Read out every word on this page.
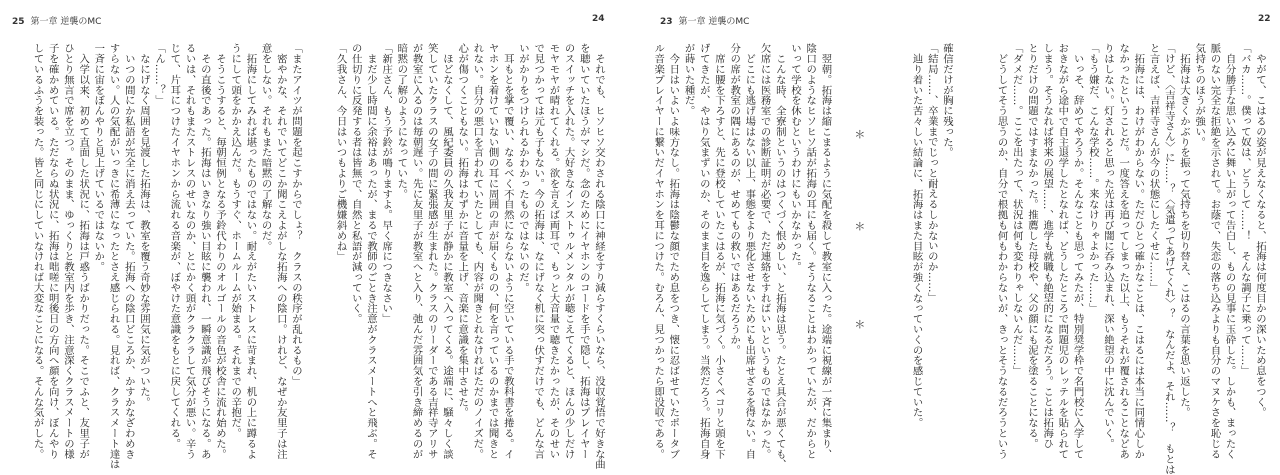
25 第一章 逆襲のMC
「またアイツが問題を起こすからでしょ？　クラスの秩序が乱れるもの」
　密やかな、それでいてどこか聞こえよがしな拓海への陰口。けれど、なぜか友里子は注
意をしない。それもまた暗黙の了解なのだ。
　拓海にしてみれば堪ったものではない。耐えがたいストレスに苛まれ、机の上に蹲るよ
うにして頭をかかえ込んだ。もうすぐ、ホームルームが始まる。それまでの辛抱だ。
　そうこうすると、毎朝恒例となる予鈴代わりのオルゴールの音色が校舎に流れ始めた。
　その直後であった。拓海はいきなり強い目眩に襲われ、一瞬意識が飛びそうになる。あ
るいは、それもまたストレスのせいなのか、とにかく頭がクラクラして気分が悪い。辛う
じて、片耳につけたイヤホンから流れる音楽が、ぼやけた意識をもとに戻してくれる。
「ん……？」
　なにげなく周囲を見渡した拓海は、教室を覆う奇妙な雰囲気に気がついた。
　いつの間にか私語が完全に消え去っていた。拓海への陰口どころか、かすかなざわめき
すらない。人の気配がいっきに希薄になったとさえ感じられる。見れば、クラスメート達は
一斉に宙をぼんやりと見上げているではないか。
　入学以来、初めて直面した状況に、拓海は戸惑うばかりだった。そこでふと、友里子が
ひとり無言で席を立つ。そのまま、ゆっくりと教室内を歩き、注意深くクラスメートの様
子を確かめている。ただならぬ状況に、拓海は咄嗟に明後日の方向へ顔を向け、ぼんやり
しているふうを装った。皆と同じにしていなければ大変なことになる。そんな気がした。
24
　それでも、ヒソヒソ交わされる陰口に神経をすり減らすくらいなら、没収覚悟で好きな曲
を聴いていたほうがマシだ。念のためにイヤホンのコードを手で隠し、拓海はプレイヤー
のスイッチを入れた。大好きなインストゥルメンタルが聴こえてくると、ほんの少しだけ
モヤモヤが晴れてくれる。欲を言えば両耳で、もっと大音量で聴きたかったが、そのせい
で見つかっては元も子もない。今の拓海は、なにげなく机に突っ伏すだけでも、どんな言
いがかりをつけられるかわかったものではないのだ。
　耳もとを掌で覆い、なるべく不自然にならないように空いている手で教科書を捲る。イ
ヤホンを着けていない側の耳に周囲の声が届くものの、何を言っているのかまでは聞きと
れない。自分の悪口を言われていたとしても、内容が聞きとれなければただのノイズだ。
心が傷つくこともない。拓海はわずかに音量を上げ、音楽に意識を集中させた。
　ほどなくして、風紀委員の久我友里子が静かに教室へ入ってくる。途端に、騒々しく談
笑していたクラスの女子の間に緊張感が生まれた。クラスのリーダーである吉祥寺アリサ
が教室に入るのは毎朝遅い。先に友里子が教室へと入り、弛んだ雰囲気を引き締めるのが
暗黙の了解のようになっていた。
「新庄さん、もう予鈴が鳴りますよ。早く席につきなさい」
　まだ少し時間に余裕はあったが、まるで教師のごとき注意がクラスメートへと飛ぶ。そ
の仕切りに反発する者は皆無で、自然と私語が減っていく。
「久我さん、今日はいつもよりご機嫌斜めね」
23 第一章 逆襲のMC
確信だけが胸に残った。
「結局……、卒業までじっと耐えるしかないのか……」
　辿り着いた苦々しい結論に、拓海はまた目眩が強くなっていくのを感じていた。
＊
＊
＊
　翌朝。拓海は縮こまるように気配を殺して教室に入った。途端に視線が一斉に集まり、
陰口のようなヒソヒソ話が拓海の耳にも届く。そうなることはわかっていたが、だからと
いって学校を休むというわけにもいかなかった。
　こんな時、全寮制というのはつくづく恨めしい、と拓海は思う。たとえ具合が悪くても、
欠席には医務室での診断証明が必要で、ただ連絡をすればいいというものではなかった。
　どこにも逃げ場はない以上、事態をより悪化させないためにも出席せざるを得ない。自
分の席が教室の隅にあるのが、せめてもの救いではあるだろうか。
　席に腰を下ろすと、先に登校していたこはるが、拓海に気づく。小さくペコリと頭を下
げてきたが、やはり気まずいのか、そのまま目を逸らしてしまう。当然だろう。拓海自身
が蒔いた種だ。
　今日はいよいよ味方なし。拓海は陰鬱な顔でため息をつき、懐に忍ばせていたポータブ
ル音楽プレイヤーに繋いだイヤホンを耳につけた。むろん、見つかったら即没収である。
22
　やがて、こはるの姿が見えなくなると、拓海は何度目かの深いため息をつく。
「バカ……。僕って奴は、どうして……！　そんな調子に乗って……」
　自分勝手な思い込みに舞い上がって告白し、ものの見事に玉砕した。しかも、まったく
脈のない完全な拒絶を示されて。お蔭で、失恋の落ち込みよりも自分のマヌケさを恥じる
気持ちのほうが強い。
　拓海は大きくかぶりを振って気持ちを切り替え、こはるの言葉を思い返した。
「けど、〈吉祥寺さん〉に……？〈気遣ってあげてくれ〉？　なんだよ、それ……？　もとは
と言えば、吉祥寺さんが今の状態にしたくせに……」
　拓海には、わけがわからない。ただひとつ確かなことは、こはるには本当に同情心しか
なかったということだ。一度答えを追ってしまった以上、もうそれが覆されることなどあ
りはしない。灯されると思った光は再び闇に呑み込まれ、深い絶望の中に沈んでいく。
「もう嫌だ、こんな学校……。来なけりゃよかった……」
　いっそ、辞めてやろうか。そんなことも思ってみたが、特別奨学枠で名門校に入学して
おきながら途中で自主退学したとなれば、どうしたところで問題児のレッテルを貼られて
しまう。そうなれば将来の展望……、進学も就職も絶望的になるだろう。ことは拓海ひ
とりだけの問題ではすまなかった。推薦した母校や、父の顔にも泥を塗ることになる。
「ダメだ……。ここを出たって、状況は何も変わりゃしないんだ……」
　どうしてそう思うのか、自分で根拠も何もわからないが、きっとそうなるだろうという
